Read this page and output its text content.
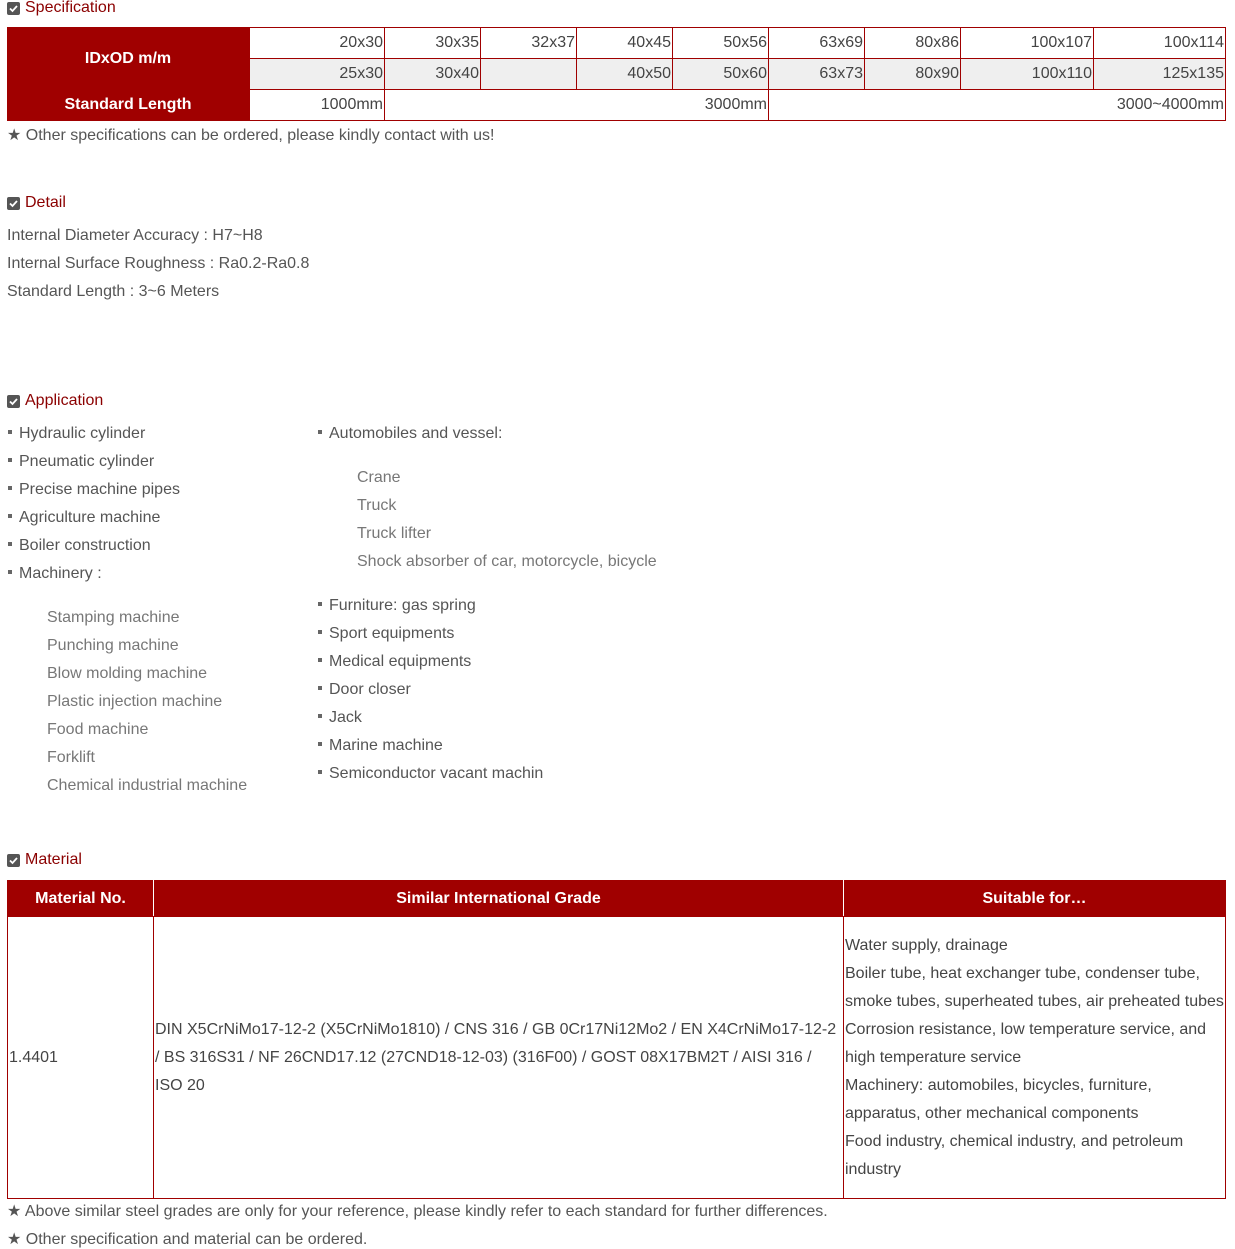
Specification
IDxOD m/m	20x30	30x35	32x37	40x45	50x56	63x69	80x86	100x107	100x114
	25x30	30x40		40x50	50x60	63x73	80x90	100x110	125x135
Standard Length	1000mm	3000mm				3000~4000mm			
★ Other specifications can be ordered, please kindly contact with us!
Detail
Internal Diameter Accuracy : H7~H8
Internal Surface Roughness : Ra0.2-Ra0.8
Standard Length : 3~6 Meters
Application
Hydraulic cylinder
Pneumatic cylinder
Precise machine pipes
Agriculture machine
Boiler construction
Machinery :
Stamping machine
Punching machine
Blow molding machine
Plastic injection machine
Food machine
Forklift
Chemical industrial machine
Automobiles and vessel:
Crane
Truck
Truck lifter
Shock absorber of car, motorcycle, bicycle
Furniture: gas spring
Sport equipments
Medical equipments
Door closer
Jack
Marine machine
Semiconductor vacant machin
Material
Material No.	Similar International Grade	Suitable for…
1.4401	DIN X5CrNiMo17-12-2 (X5CrNiMo1810) / CNS 316 / GB 0Cr17Ni12Mo2 / EN X4CrNiMo17-12-2 / BS 316S31 / NF 26CND17.12 (27CND18-12-03) (316F00) / GOST 08X17BM2T / AISI 316 / ISO 20	Water supply, drainage
Boiler tube, heat exchanger tube, condenser tube, smoke tubes, superheated tubes, air preheated tubes
Corrosion resistance, low temperature service, and high temperature service
Machinery: automobiles, bicycles, furniture, apparatus, other mechanical components
Food industry, chemical industry, and petroleum industry
★ Above similar steel grades are only for your reference, please kindly refer to each standard for further differences.
★ Other specification and material can be ordered.
